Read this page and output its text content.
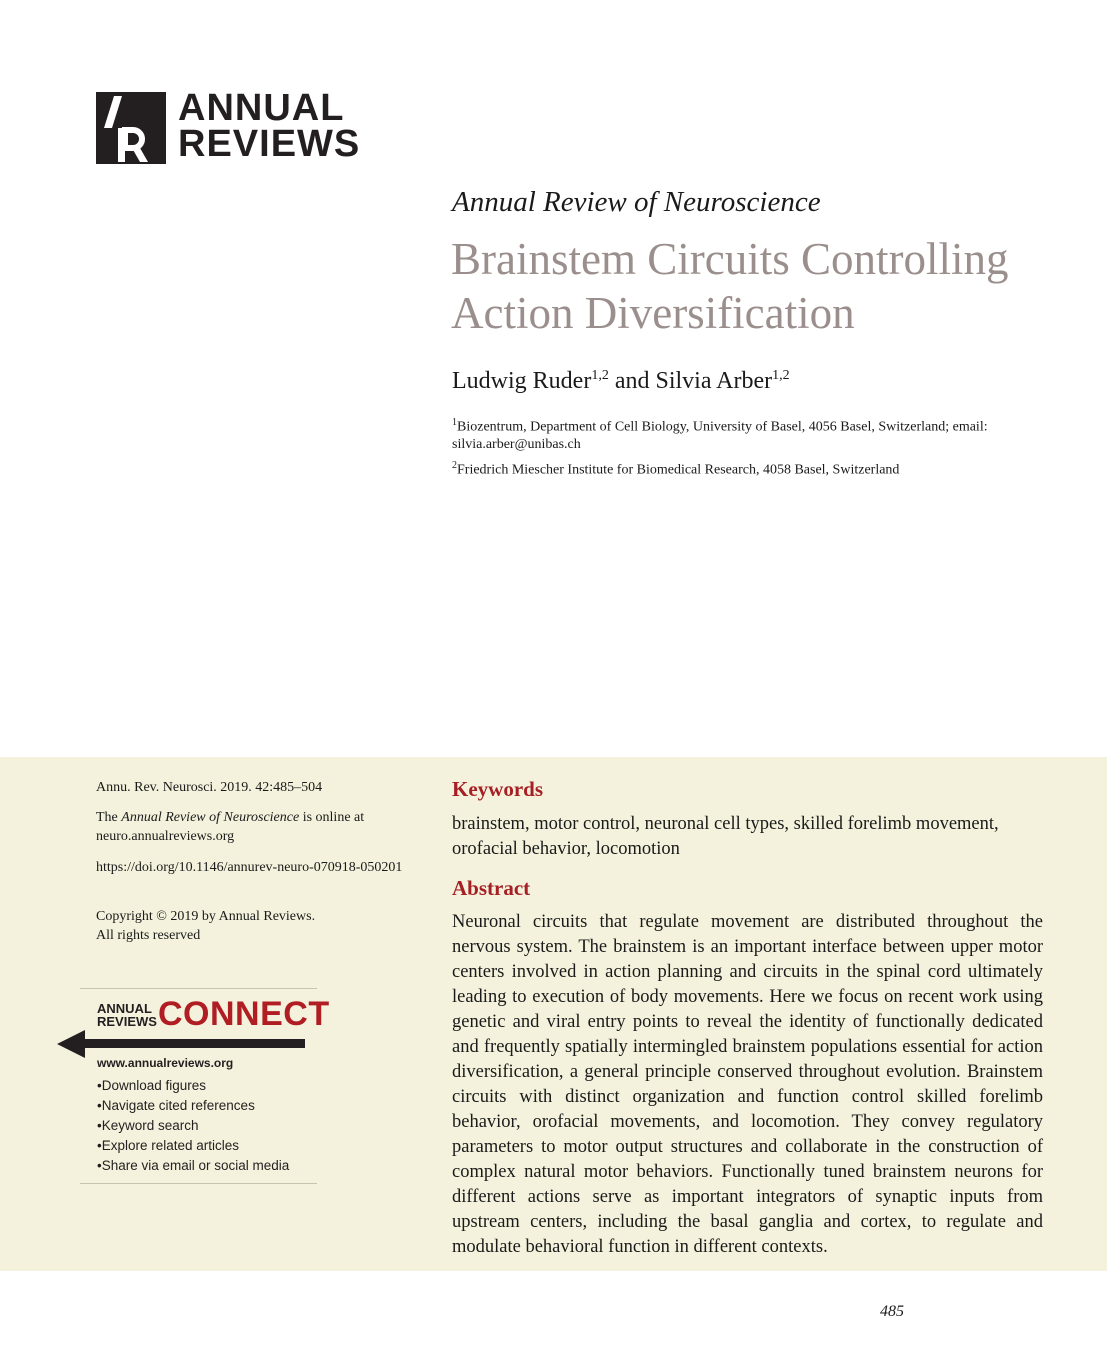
ANNUAL
REVIEWS
Annual Review of Neuroscience
Brainstem Circuits Controlling Action Diversification
Ludwig Ruder$^{1,2}$ and Silvia Arber$^{1,2}$
$^1$Biozentrum, Department of Cell Biology, University of Basel, 4056 Basel, Switzerland; email: silvia.arber@unibas.ch
$^2$Friedrich Miescher Institute for Biomedical Research, 4058 Basel, Switzerland
Annu. Rev. Neurosci. 2019. 42:485–504
The Annual Review of Neuroscience is online at neuro.annualreviews.org
https://doi.org/10.1146/annurev-neuro-070918-050201
Copyright © 2019 by Annual Reviews.
All rights reserved
ANNUAL
REVIEWS CONNECT
www.annualreviews.org
• Download figures
• Navigate cited references
• Keyword search
• Explore related articles
• Share via email or social media
Keywords
brainstem, motor control, neuronal cell types, skilled forelimb movement, orofacial behavior, locomotion
Abstract
Neuronal circuits that regulate movement are distributed throughout the nervous system. The brainstem is an important interface between upper motor centers involved in action planning and circuits in the spinal cord ultimately leading to execution of body movements. Here we focus on recent work using genetic and viral entry points to reveal the identity of functionally dedicated and frequently spatially intermingled brainstem populations essential for action diversification, a general principle conserved throughout evolution. Brainstem circuits with distinct organization and function control skilled forelimb behavior, orofacial movements, and locomotion. They convey regulatory parameters to motor output structures and collaborate in the construction of complex natural motor behaviors. Functionally tuned brainstem neurons for different actions serve as important integrators of synaptic inputs from upstream centers, including the basal ganglia and cortex, to regulate and modulate behavioral function in different contexts.
485
